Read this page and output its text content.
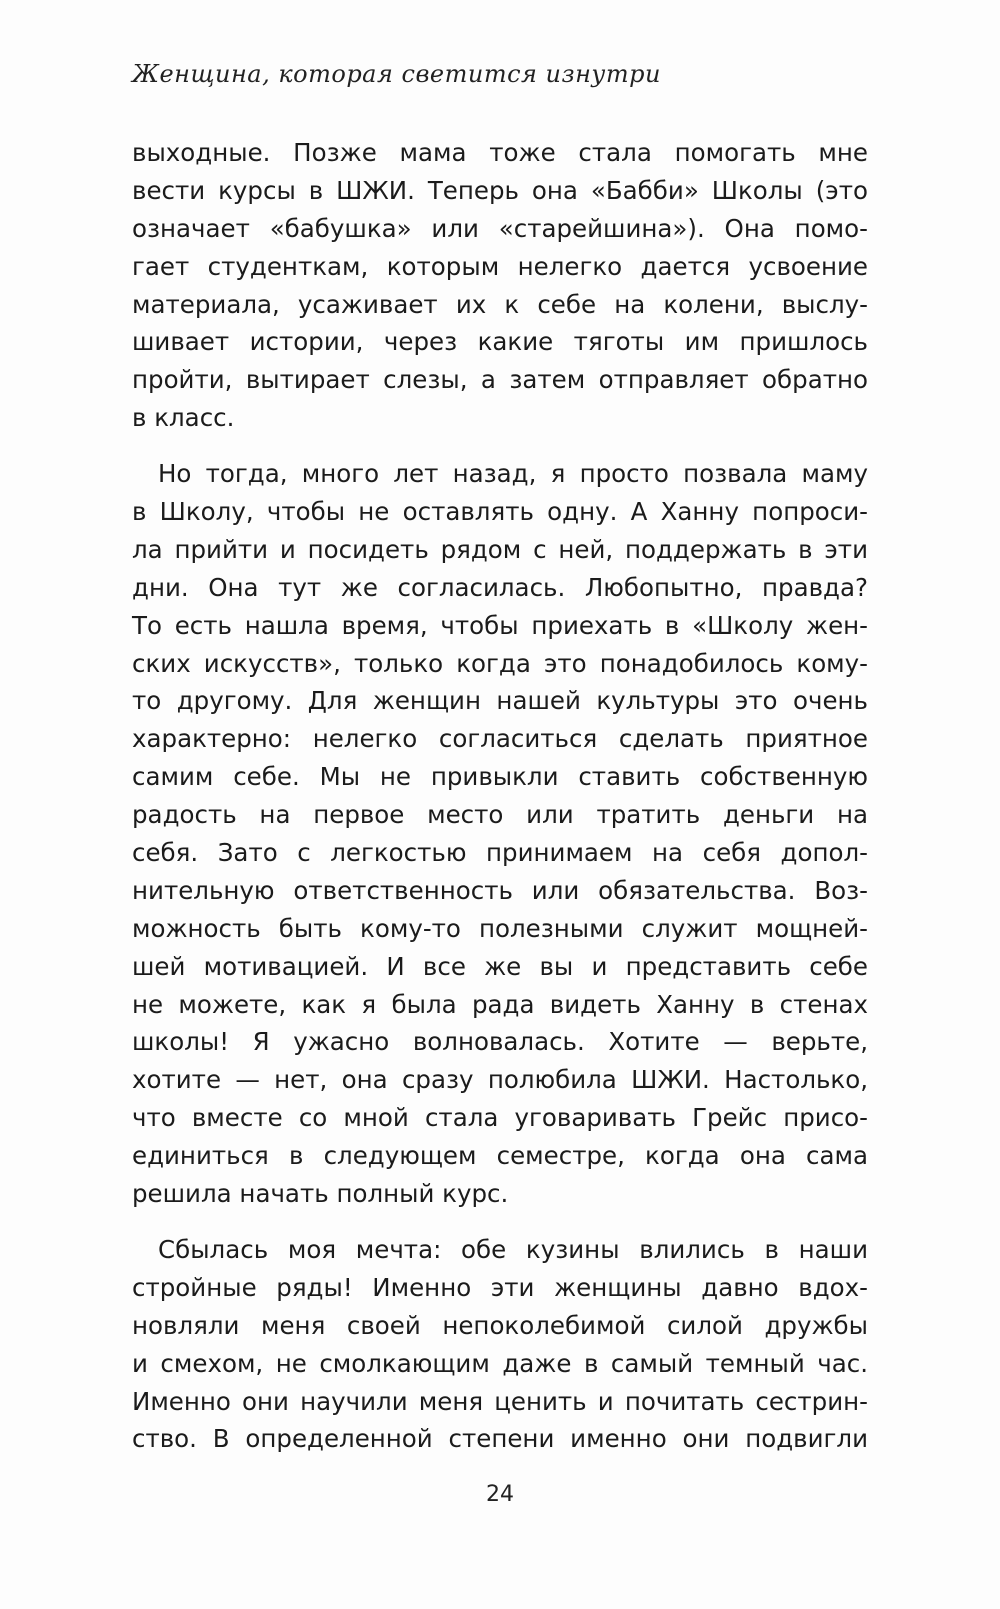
Женщина, которая светится изнутри
выходные. Позже мама тоже стала помогать мне
вести курсы в ШЖИ. Теперь она «Бабби» Школы (это
означает «бабушка» или «старейшина»). Она помо-
гает студенткам, которым нелегко дается усвоение
материала, усаживает их к себе на колени, выслу-
шивает истории, через какие тяготы им пришлось
пройти, вытирает слезы, а затем отправляет обратно
в класс.
Но тогда, много лет назад, я просто позвала маму
в Школу, чтобы не оставлять одну. А Ханну попроси-
ла прийти и посидеть рядом с ней, поддержать в эти
дни. Она тут же согласилась. Любопытно, правда?
То есть нашла время, чтобы приехать в «Школу жен-
ских искусств», только когда это понадобилось кому-
то другому. Для женщин нашей культуры это очень
характерно: нелегко согласиться сделать приятное
самим себе. Мы не привыкли ставить собственную
радость на первое место или тратить деньги на
себя. Зато с легкостью принимаем на себя допол-
нительную ответственность или обязательства. Воз-
можность быть кому-то полезными служит мощней-
шей мотивацией. И все же вы и представить себе
не можете, как я была рада видеть Ханну в стенах
школы! Я ужасно волновалась. Хотите — верьте,
хотите — нет, она сразу полюбила ШЖИ. Настолько,
что вместе со мной стала уговаривать Грейс присо-
единиться в следующем семестре, когда она сама
решила начать полный курс.
Сбылась моя мечта: обе кузины влились в наши
стройные ряды! Именно эти женщины давно вдох-
новляли меня своей непоколебимой силой дружбы
и смехом, не смолкающим даже в самый темный час.
Именно они научили меня ценить и почитать сестрин-
ство. В определенной степени именно они подвигли
24
